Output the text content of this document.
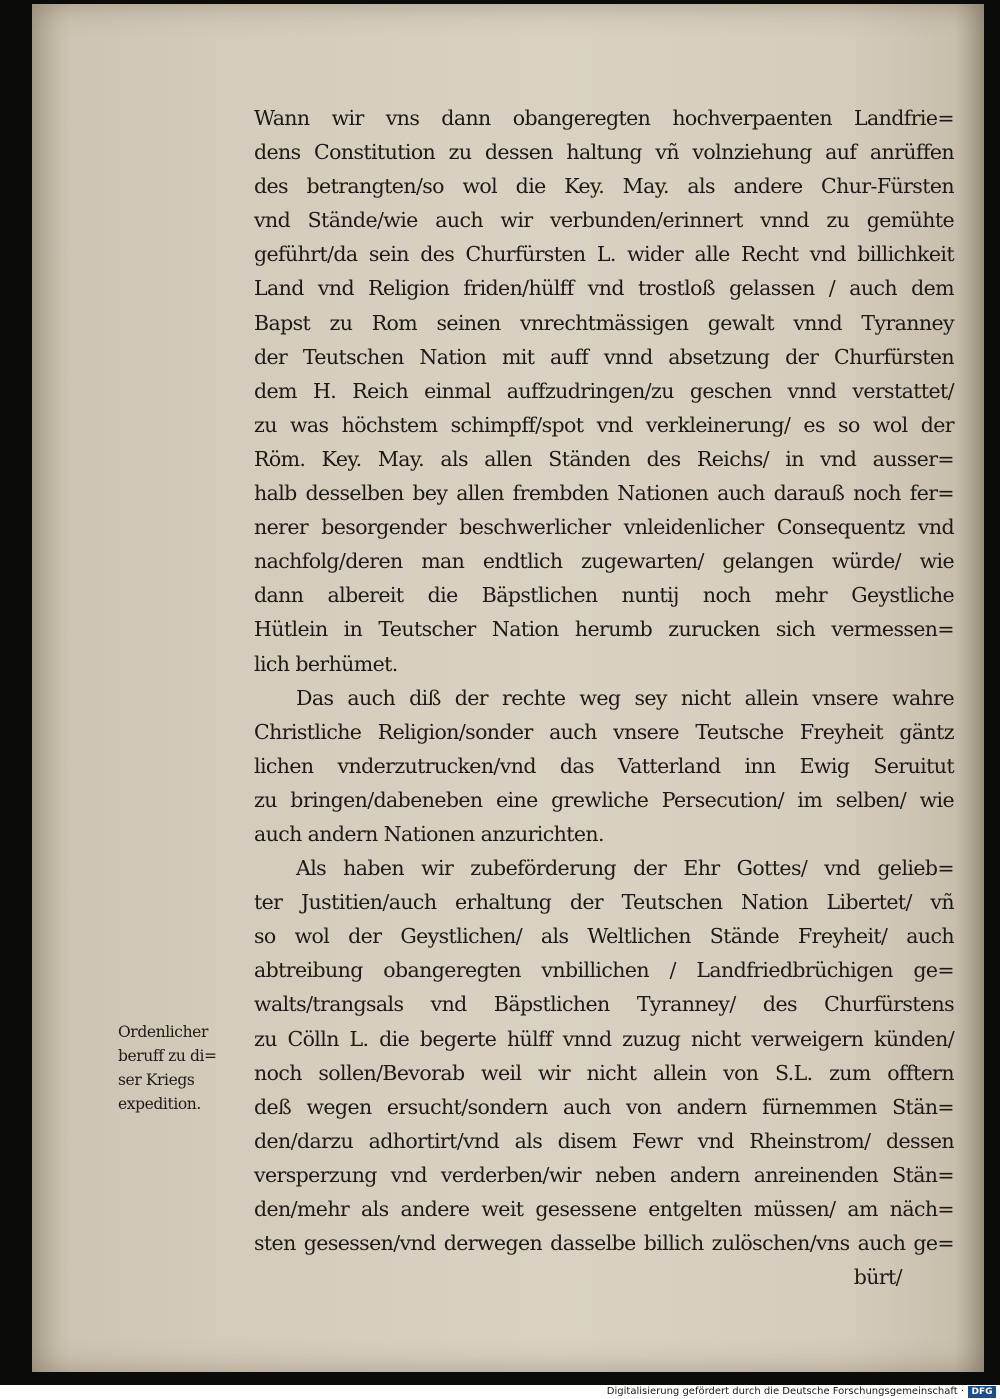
Wann wir vns dann obangeregten hochverpaenten Landfrie=
dens Constitution zu dessen haltung vñ volnziehung auf anrüffen
des betrangten/so wol die Key. May. als andere Chur-Fürsten
vnd Stände/wie auch wir verbunden/erinnert vnnd zu gemühte
geführt/da sein des Churfürsten L. wider alle Recht vnd billichkeit
Land vnd Religion friden/hülff vnd trostloß gelassen / auch dem
Bapst zu Rom seinen vnrechtmässigen gewalt vnnd Tyranney
der Teutschen Nation mit auff vnnd absetzung der Churfürsten
dem H. Reich einmal auffzudringen/zu geschen vnnd verstattet/
zu was höchstem schimpff/spot vnd verkleinerung/ es so wol der
Röm. Key. May. als allen Ständen des Reichs/ in vnd ausser=
halb desselben bey allen frembden Nationen auch darauß noch fer=
nerer besorgender beschwerlicher vnleidenlicher Consequentz vnd
nachfolg/deren man endtlich zugewarten/ gelangen würde/ wie
dann albereit die Bäpstlichen nuntij noch mehr Geystliche
Hütlein in Teutscher Nation herumb zurucken sich vermessen=
lich berhümet.
Das auch diß der rechte weg sey nicht allein vnsere wahre
Christliche Religion/sonder auch vnsere Teutsche Freyheit gäntz
lichen vnderzutrucken/vnd das Vatterland inn Ewig Seruitut
zu bringen/dabeneben eine grewliche Persecution/ im selben/ wie
auch andern Nationen anzurichten.
Als haben wir zubeförderung der Ehr Gottes/ vnd gelieb=
ter Justitien/auch erhaltung der Teutschen Nation Libertet/ vñ
so wol der Geystlichen/ als Weltlichen Stände Freyheit/ auch
abtreibung obangeregten vnbillichen / Landfriedbrüchigen ge=
walts/trangsals vnd Bäpstlichen Tyranney/ des Churfürstens
zu Cölln L. die begerte hülff vnnd zuzug nicht verweigern künden/
noch sollen/Bevorab weil wir nicht allein von S.L. zum offtern
deß wegen ersucht/sondern auch von andern fürnemmen Stän=
den/darzu adhortirt/vnd als disem Fewr vnd Rheinstrom/ dessen
versperzung vnd verderben/wir neben andern anreinenden Stän=
den/mehr als andere weit gesessene entgelten müssen/ am näch=
sten gesessen/vnd derwegen dasselbe billich zulöschen/vns auch ge=
bürt/
Ordenlicher
beruff zu di=
ser Kriegs
expedition.
Digitalisierung gefördert durch die Deutsche Forschungsgemeinschaft · DFG
